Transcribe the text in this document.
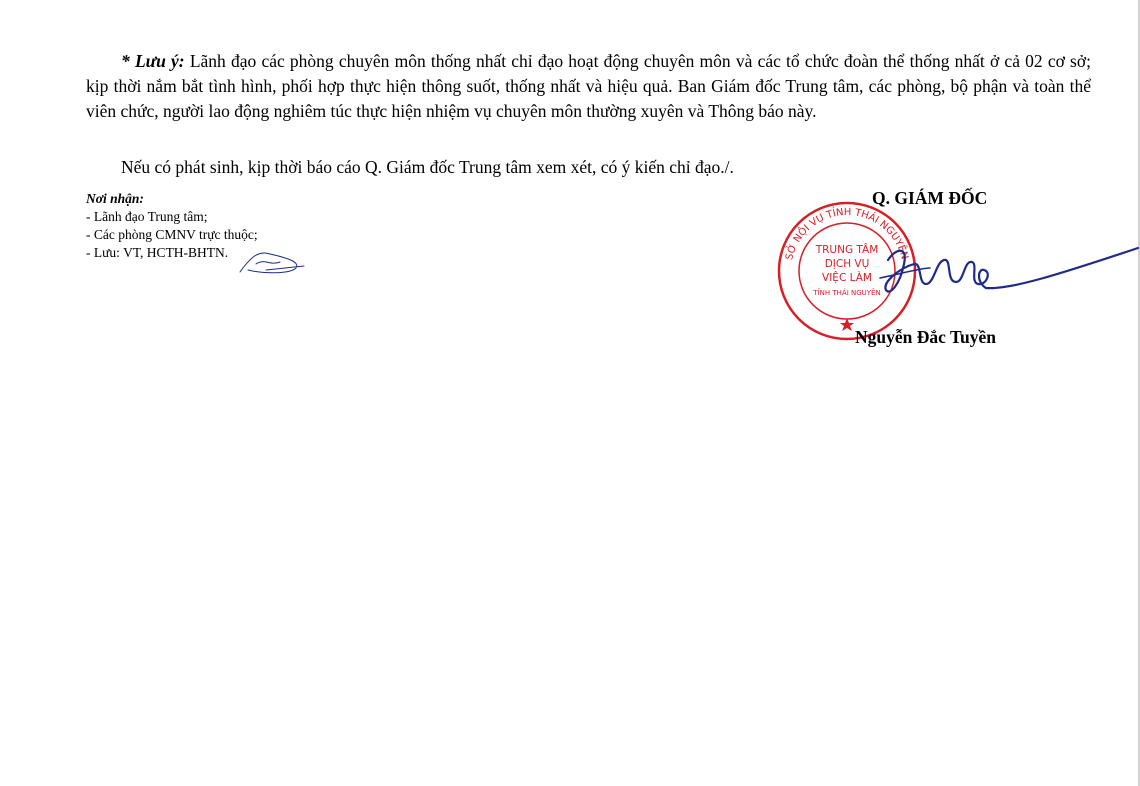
* Lưu ý: Lãnh đạo các phòng chuyên môn thống nhất chỉ đạo hoạt động chuyên môn và các tổ chức đoàn thể thống nhất ở cả 02 cơ sở; kịp thời nắm bắt tình hình, phối hợp thực hiện thông suốt, thống nhất và hiệu quả. Ban Giám đốc Trung tâm, các phòng, bộ phận và toàn thể viên chức, người lao động nghiêm túc thực hiện nhiệm vụ chuyên môn thường xuyên và Thông báo này.

Nếu có phát sinh, kịp thời báo cáo Q. Giám đốc Trung tâm xem xét, có ý kiến chỉ đạo./.

Nơi nhận:
- Lãnh đạo Trung tâm;
- Các phòng CMNV trực thuộc;
- Lưu: VT, HCTH-BHTN.
Q. GIÁM ĐỐC
SỞ NỘI VỤ TỈNH THÁI NGUYÊN
TRUNG TÂM
DỊCH VỤ
VIỆC LÀM
TỈNH THÁI NGUYÊN
Nguyễn Đắc Tuyền
